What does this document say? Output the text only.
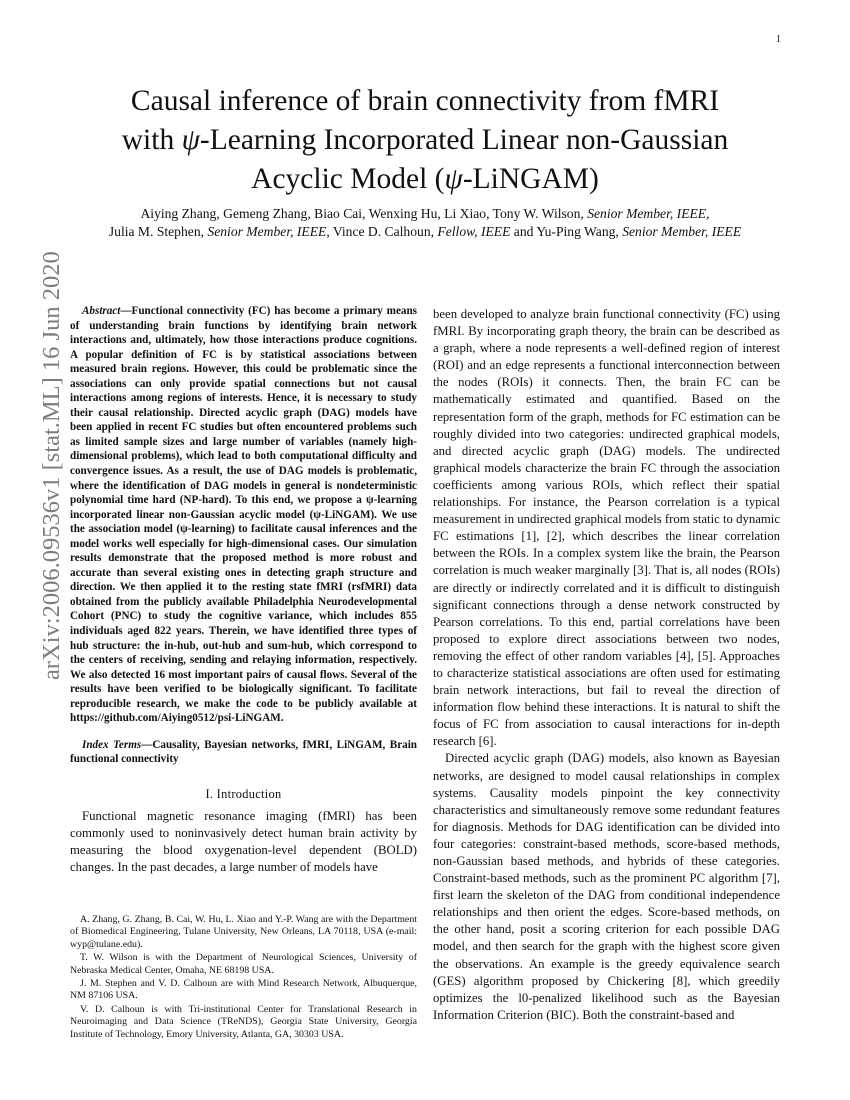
1
arXiv:2006.09536v1 [stat.ML] 16 Jun 2020
Causal inference of brain connectivity from fMRI
with ψ-Learning Incorporated Linear non-Gaussian
Acyclic Model (ψ-LiNGAM)
Aiying Zhang, Gemeng Zhang, Biao Cai, Wenxing Hu, Li Xiao, Tony W. Wilson, Senior Member, IEEE,
Julia M. Stephen, Senior Member, IEEE, Vince D. Calhoun, Fellow, IEEE and Yu-Ping Wang, Senior Member, IEEE

Abstract—Functional connectivity (FC) has become a primary means of understanding brain functions by identifying brain network interactions and, ultimately, how those interactions produce cognitions. A popular definition of FC is by statistical associations between measured brain regions. However, this could be problematic since the associations can only provide spatial connections but not causal interactions among regions of interests. Hence, it is necessary to study their causal relationship. Directed acyclic graph (DAG) models have been applied in recent FC studies but often encountered problems such as limited sample sizes and large number of variables (namely high-dimensional problems), which lead to both computational difficulty and convergence issues. As a result, the use of DAG models is problematic, where the identification of DAG models in general is nondeterministic polynomial time hard (NP-hard). To this end, we propose a ψ-learning incorporated linear non-Gaussian acyclic model (ψ-LiNGAM). We use the association model (ψ-learning) to facilitate causal inferences and the model works well especially for high-dimensional cases. Our simulation results demonstrate that the proposed method is more robust and accurate than several existing ones in detecting graph structure and direction. We then applied it to the resting state fMRI (rsfMRI) data obtained from the publicly available Philadelphia Neurodevelopmental Cohort (PNC) to study the cognitive variance, which includes 855 individuals aged 822 years. Therein, we have identified three types of hub structure: the in-hub, out-hub and sum-hub, which correspond to the centers of receiving, sending and relaying information, respectively. We also detected 16 most important pairs of causal flows. Several of the results have been verified to be biologically significant. To facilitate reproducible research, we make the code to be publicly available at https://github.com/Aiying0512/psi-LiNGAM.

Index Terms—Causality, Bayesian networks, fMRI, LiNGAM, Brain functional connectivity

I. Introduction

Functional magnetic resonance imaging (fMRI) has been commonly used to noninvasively detect human brain activity by measuring the blood oxygenation-level dependent (BOLD) changes. In the past decades, a large number of models have

A. Zhang, G. Zhang, B. Cai, W. Hu, L. Xiao and Y.-P. Wang are with the Department of Biomedical Engineering, Tulane University, New Orleans, LA 70118, USA (e-mail: wyp@tulane.edu).

T. W. Wilson is with the Department of Neurological Sciences, University of Nebraska Medical Center, Omaha, NE 68198 USA.

J. M. Stephen and V. D. Calhoun are with Mind Research Network, Albuquerque, NM 87106 USA.

V. D. Calhoun is with Tri-institutional Center for Translational Research in Neuroimaging and Data Science (TReNDS), Georgia State University, Georgia Institute of Technology, Emory University, Atlanta, GA, 30303 USA.

been developed to analyze brain functional connectivity (FC) using fMRI. By incorporating graph theory, the brain can be described as a graph, where a node represents a well-defined region of interest (ROI) and an edge represents a functional interconnection between the nodes (ROIs) it connects. Then, the brain FC can be mathematically estimated and quantified. Based on the representation form of the graph, methods for FC estimation can be roughly divided into two categories: undirected graphical models, and directed acyclic graph (DAG) models. The undirected graphical models characterize the brain FC through the association coefficients among various ROIs, which reflect their spatial relationships. For instance, the Pearson correlation is a typical measurement in undirected graphical models from static to dynamic FC estimations [1], [2], which describes the linear correlation between the ROIs. In a complex system like the brain, the Pearson correlation is much weaker marginally [3]. That is, all nodes (ROIs) are directly or indirectly correlated and it is difficult to distinguish significant connections through a dense network constructed by Pearson correlations. To this end, partial correlations have been proposed to explore direct associations between two nodes, removing the effect of other random variables [4], [5]. Approaches to characterize statistical associations are often used for estimating brain network interactions, but fail to reveal the direction of information flow behind these interactions. It is natural to shift the focus of FC from association to causal interactions for in-depth research [6].

Directed acyclic graph (DAG) models, also known as Bayesian networks, are designed to model causal relationships in complex systems. Causality models pinpoint the key connectivity characteristics and simultaneously remove some redundant features for diagnosis. Methods for DAG identification can be divided into four categories: constraint-based methods, score-based methods, non-Gaussian based methods, and hybrids of these categories. Constraint-based methods, such as the prominent PC algorithm [7], first learn the skeleton of the DAG from conditional independence relationships and then orient the edges. Score-based methods, on the other hand, posit a scoring criterion for each possible DAG model, and then search for the graph with the highest score given the observations. An example is the greedy equivalence search (GES) algorithm proposed by Chickering [8], which greedily optimizes the l0-penalized likelihood such as the Bayesian Information Criterion (BIC). Both the constraint-based and
